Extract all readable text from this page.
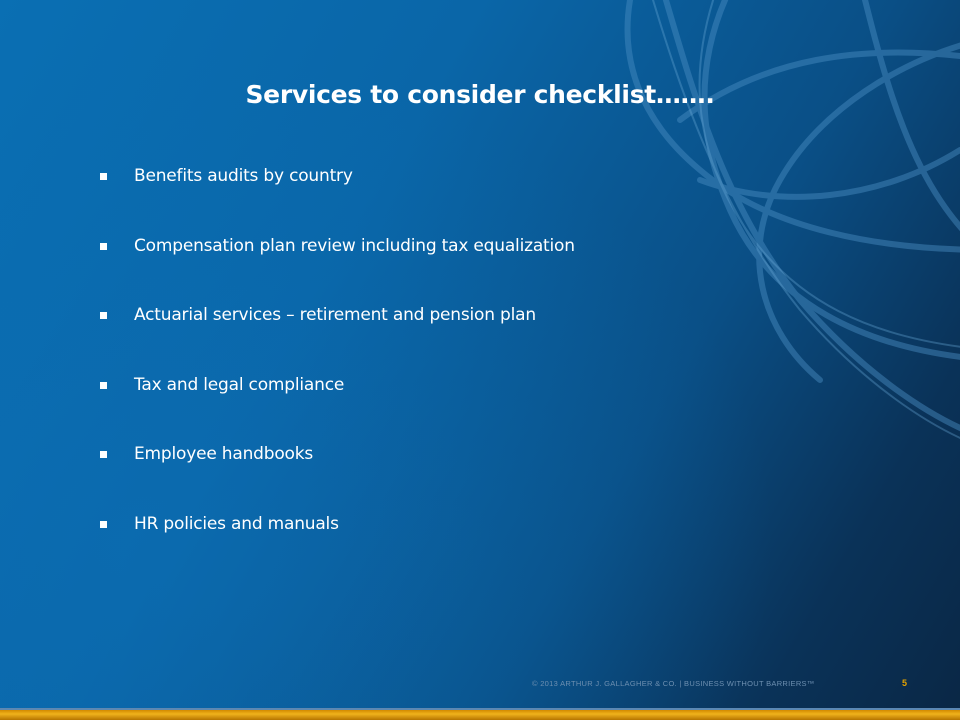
Services to consider checklist…….
Benefits audits by country
Compensation plan review including tax equalization
Actuarial services – retirement and pension plan
Tax and legal compliance
Employee handbooks
HR policies and manuals
© 2013 ARTHUR J. GALLAGHER & CO. | BUSINESS WITHOUT BARRIERS™	5
